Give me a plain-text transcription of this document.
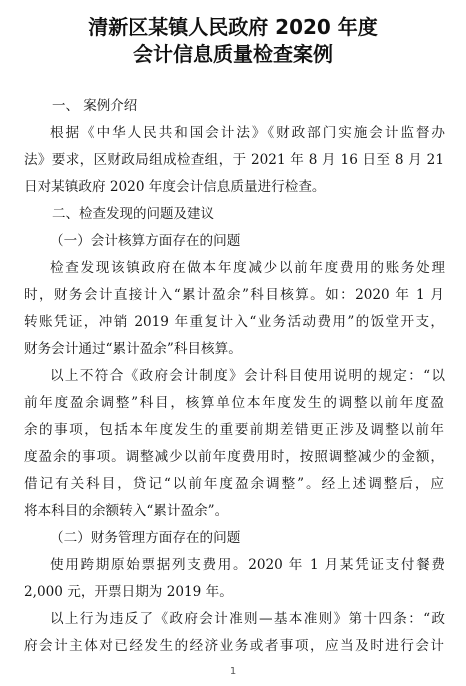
清新区某镇人民政府 2020 年度
会计信息质量检查案例
一、 案例介绍
根据《中华人民共和国会计法》《财政部门实施会计监督办
法》要求，区财政局组成检查组，于 2021 年 8 月 16 日至 8 月 21
日对某镇政府 2020 年度会计信息质量进行检查。
二、检查发现的问题及建议
（一）会计核算方面存在的问题
检查发现该镇政府在做本年度减少以前年度费用的账务处理
时，财务会计直接计入“累计盈余”科目核算。如：2020 年 1 月
转账凭证，冲销 2019 年重复计入“业务活动费用”的饭堂开支，
财务会计通过“累计盈余”科目核算。
以上不符合《政府会计制度》会计科目使用说明的规定：“以
前年度盈余调整”科目，核算单位本年度发生的调整以前年度盈
余的事项，包括本年度发生的重要前期差错更正涉及调整以前年
度盈余的事项。调整减少以前年度费用时，按照调整减少的金额，
借记有关科目，贷记“以前年度盈余调整”。经上述调整后，应
将本科目的余额转入“累计盈余”。
（二）财务管理方面存在的问题
使用跨期原始票据列支费用。2020 年 1 月某凭证支付餐费
2,000 元，开票日期为 2019 年。
以上行为违反了《政府会计准则—基本准则》第十四条：“政
府会计主体对已经发生的经济业务或者事项，应当及时进行会计
1
